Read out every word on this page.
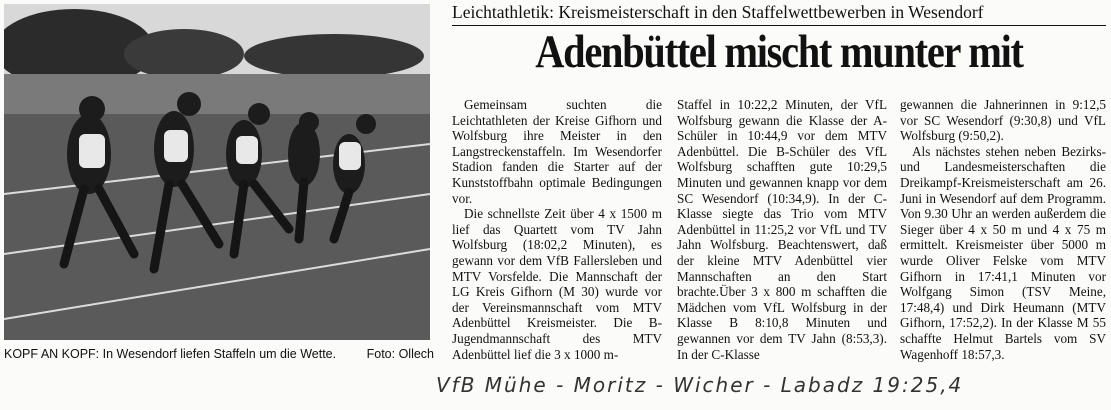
KOPF AN KOPF: In Wesendorf liefen Staffeln um die Wette. Foto: Ollech
Leichtathletik: Kreismeisterschaft in den Staffelwettbewerben in Wesendorf
Adenbüttel mischt munter mit

Gemeinsam suchten die Leichtathleten der Kreise Gifhorn und Wolfsburg ihre Meister in den Langstreckenstaffeln. Im Wesendorfer Stadion fanden die Starter auf der Kunststoffbahn optimale Bedingungen vor.

Die schnellste Zeit über 4 x 1500 m lief das Quartett vom TV Jahn Wolfsburg (18:02,2 Minuten), es gewann vor dem VfB Fallersleben und MTV Vorsfelde. Die Mannschaft der LG Kreis Gifhorn (M 30) wurde vor der Vereinsmannschaft vom MTV Adenbüttel Kreismeister. Die B-Jugendmannschaft des MTV Adenbüttel lief die 3 x 1000 m-

Staffel in 10:22,2 Minuten, der VfL Wolfsburg gewann die Klasse der A-Schüler in 10:44,9 vor dem MTV Adenbüttel. Die B-Schüler des VfL Wolfsburg schafften gute 10:29,5 Minuten und gewannen knapp vor dem SC Wesendorf (10:34,9). In der C-Klasse siegte das Trio vom MTV Adenbüttel in 11:25,2 vor VfL und TV Jahn Wolfsburg. Beachtenswert, daß der kleine MTV Adenbüttel vier Mannschaften an den Start brachte.Über 3 x 800 m schafften die Mädchen vom VfL Wolfsburg in der Klasse B 8:10,8 Minuten und gewannen vor dem TV Jahn (8:53,3). In der C-Klasse

gewannen die Jahnerinnen in 9:12,5 vor SC Wesendorf (9:30,8) und VfL Wolfsburg (9:50,2).

Als nächstes stehen neben Bezirks- und Landesmeisterschaften die Dreikampf-Kreismeisterschaft am 26. Juni in Wesendorf auf dem Programm. Von 9.30 Uhr an werden außerdem die Sieger über 4 x 50 m und 4 x 75 m ermittelt. Kreismeister über 5000 m wurde Oliver Felske vom MTV Gifhorn in 17:41,1 Minuten vor Wolfgang Simon (TSV Meine, 17:48,4) und Dirk Heumann (MTV Gifhorn, 17:52,2). In der Klasse M 55 schaffte Helmut Bartels vom SV Wagenhoff 18:57,3.

VfB Mühe - Moritz - Wicher - Labadz 19:25,4
